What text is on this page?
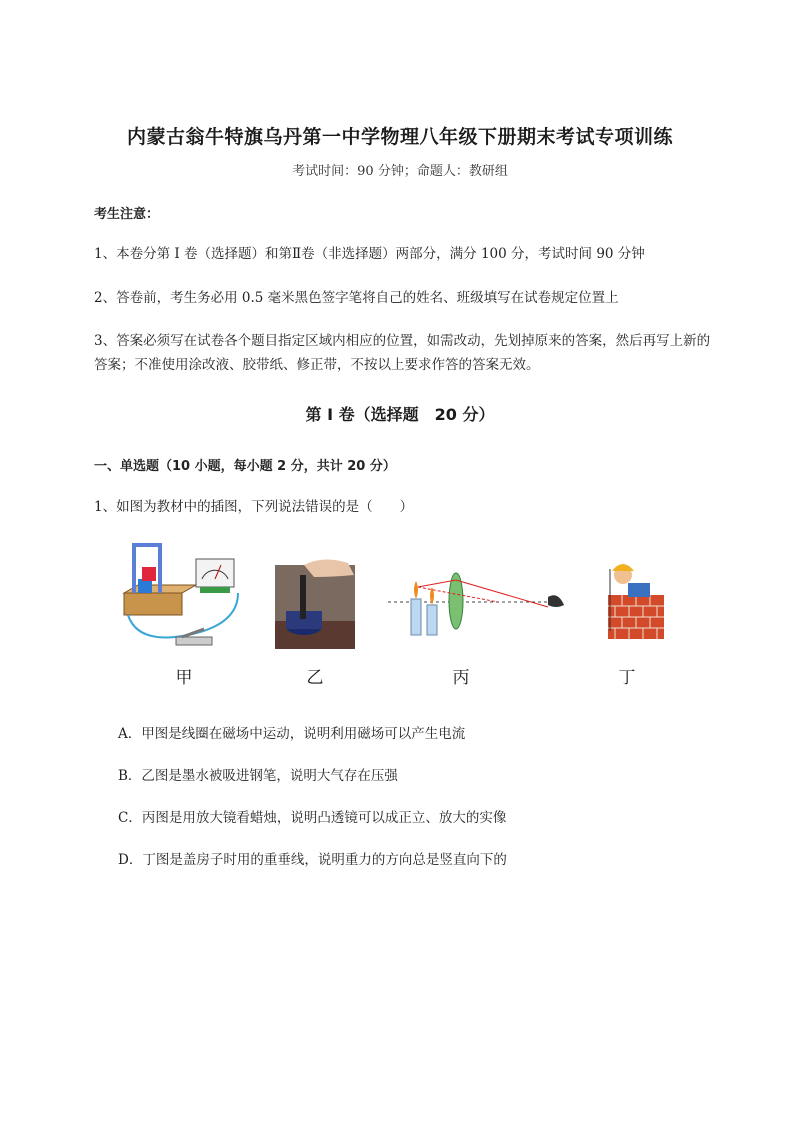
内蒙古翁牛特旗乌丹第一中学物理八年级下册期末考试专项训练
考试时间：90 分钟；命题人：教研组
考生注意：
1、本卷分第 I 卷（选择题）和第Ⅱ卷（非选择题）两部分，满分 100 分，考试时间 90 分钟
2、答卷前，考生务必用 0.5 毫米黑色签字笔将自己的姓名、班级填写在试卷规定位置上
3、答案必须写在试卷各个题目指定区域内相应的位置，如需改动，先划掉原来的答案，然后再写上新的答案；不准使用涂改液、胶带纸、修正带，不按以上要求作答的答案无效。
第 I 卷（选择题　20 分）
一、单选题（10 小题，每小题 2 分，共计 20 分）
1、如图为教材中的插图，下列说法错误的是（　　）
甲	乙	丙	丁
A．甲图是线圈在磁场中运动，说明利用磁场可以产生电流
B．乙图是墨水被吸进钢笔，说明大气存在压强
C．丙图是用放大镜看蜡烛，说明凸透镜可以成正立、放大的实像
D．丁图是盖房子时用的重垂线，说明重力的方向总是竖直向下的
